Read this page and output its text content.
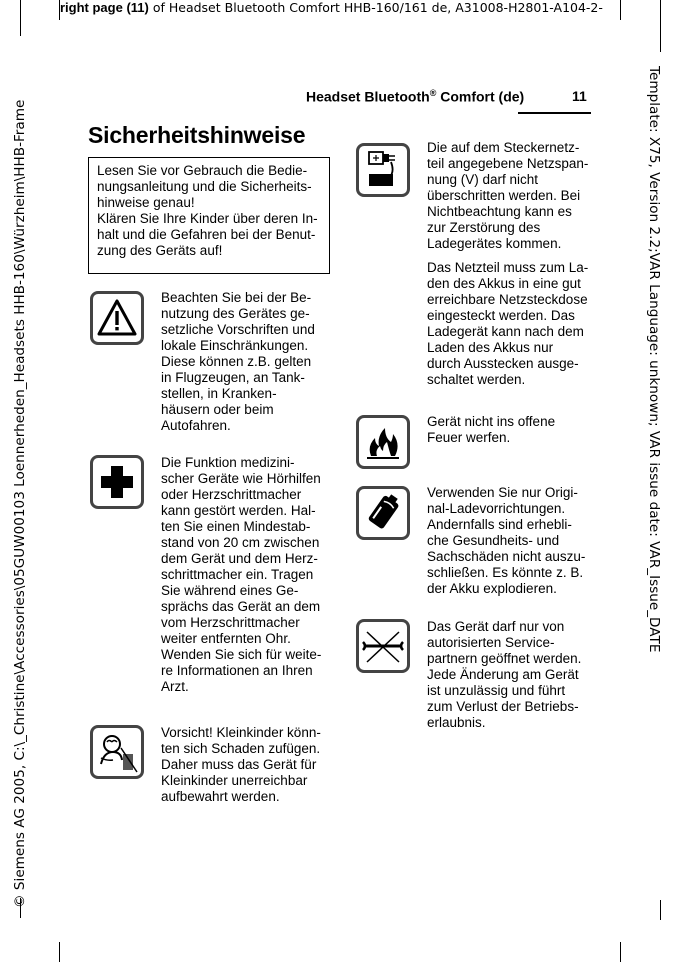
right page (11) of Headset Bluetooth Comfort HHB-160/161 de, A31008-H2801-A104-2-
© Siemens AG 2005, C:\_Christine\Accessories\05GUW00103 Loennerheden_Headsets HHB-160\Würzheim\HHB-Frame	Template: X75, Version 2.2;VAR Language: unknown; VAR issue date: VAR_Issue_DATE
Headset Bluetooth® Comfort (de)	11
Sicherheitshinweise
Lesen Sie vor Gebrauch die Bedie-
nungsanleitung und die Sicherheits-
hinweise genau!
Klären Sie Ihre Kinder über deren In-
halt und die Gefahren bei der Benut-
zung des Geräts auf!
Beachten Sie bei der Be-
nutzung des Gerätes ge-
setzliche Vorschriften und
lokale Einschränkungen.
Diese können z.B. gelten
in Flugzeugen, an Tank-
stellen, in Kranken-
häusern oder beim
Autofahren.
Die Funktion medizini-
scher Geräte wie Hörhilfen
oder Herzschrittmacher
kann gestört werden. Hal-
ten Sie einen Mindestab-
stand von 20 cm zwischen
dem Gerät und dem Herz-
schrittmacher ein. Tragen
Sie während eines Ge-
sprächs das Gerät an dem
vom Herzschrittmacher
weiter entfernten Ohr.
Wenden Sie sich für weite-
re Informationen an Ihren
Arzt.
Vorsicht! Kleinkinder könn-
ten sich Schaden zufügen.
Daher muss das Gerät für
Kleinkinder unerreichbar
aufbewahrt werden.
Die auf dem Steckernetz-
teil angegebene Netzspan-
nung (V) darf nicht
überschritten werden. Bei
Nichtbeachtung kann es
zur Zerstörung des
Ladegerätes kommen.
Das Netzteil muss zum La-
den des Akkus in eine gut
erreichbare Netzsteckdose
eingesteckt werden. Das
Ladegerät kann nach dem
Laden des Akkus nur
durch Ausstecken ausge-
schaltet werden.
Gerät nicht ins offene
Feuer werfen.
Verwenden Sie nur Origi-
nal-Ladevorrichtungen.
Andernfalls sind erhebli-
che Gesundheits- und
Sachschäden nicht auszu-
schließen. Es könnte z. B.
der Akku explodieren.
Das Gerät darf nur von
autorisierten Service-
partnern geöffnet werden.
Jede Änderung am Gerät
ist unzulässig und führt
zum Verlust der Betriebs-
erlaubnis.
